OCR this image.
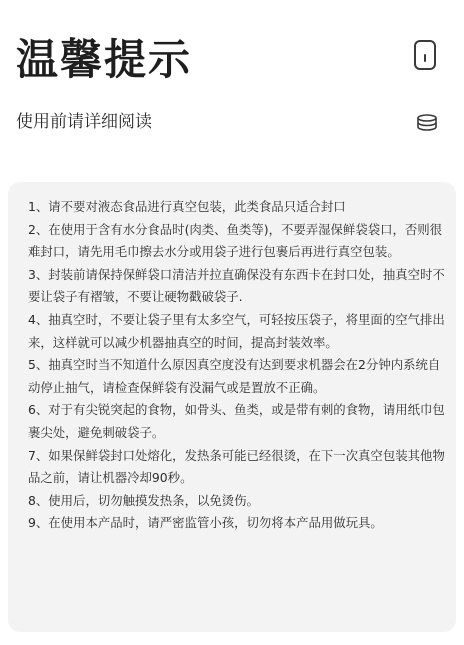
温馨提示
使用前请详细阅读
1、请不要对液态食品进行真空包装，此类食品只适合封口
2、在使用于含有水分食品时(肉类、鱼类等)，不要弄湿保鲜袋袋口，否则很难封口，请先用毛巾擦去水分或用袋子进行包裹后再进行真空包装。
3、封装前请保持保鲜袋口清洁并拉直确保没有东西卡在封口处，抽真空时不要让袋子有褶皱，不要让硬物戳破袋子.
4、抽真空时，不要让袋子里有太多空气，可轻按压袋子，将里面的空气排出来，这样就可以减少机器抽真空的时间，提高封装效率。
5、抽真空时当不知道什么原因真空度没有达到要求机器会在2分钟内系统自动停止抽气，请检查保鲜袋有没漏气或是置放不正确。
6、对于有尖锐突起的食物，如骨头、鱼类，或是带有刺的食物，请用纸巾包裹尖处，避免刺破袋子。
7、如果保鲜袋封口处熔化，发热条可能已经很烫，在下一次真空包装其他物品之前，请让机器冷却90秒。
8、使用后，切勿触摸发热条，以免烫伤。
9、在使用本产品时，请严密监管小孩，切勿将本产品用做玩具。
